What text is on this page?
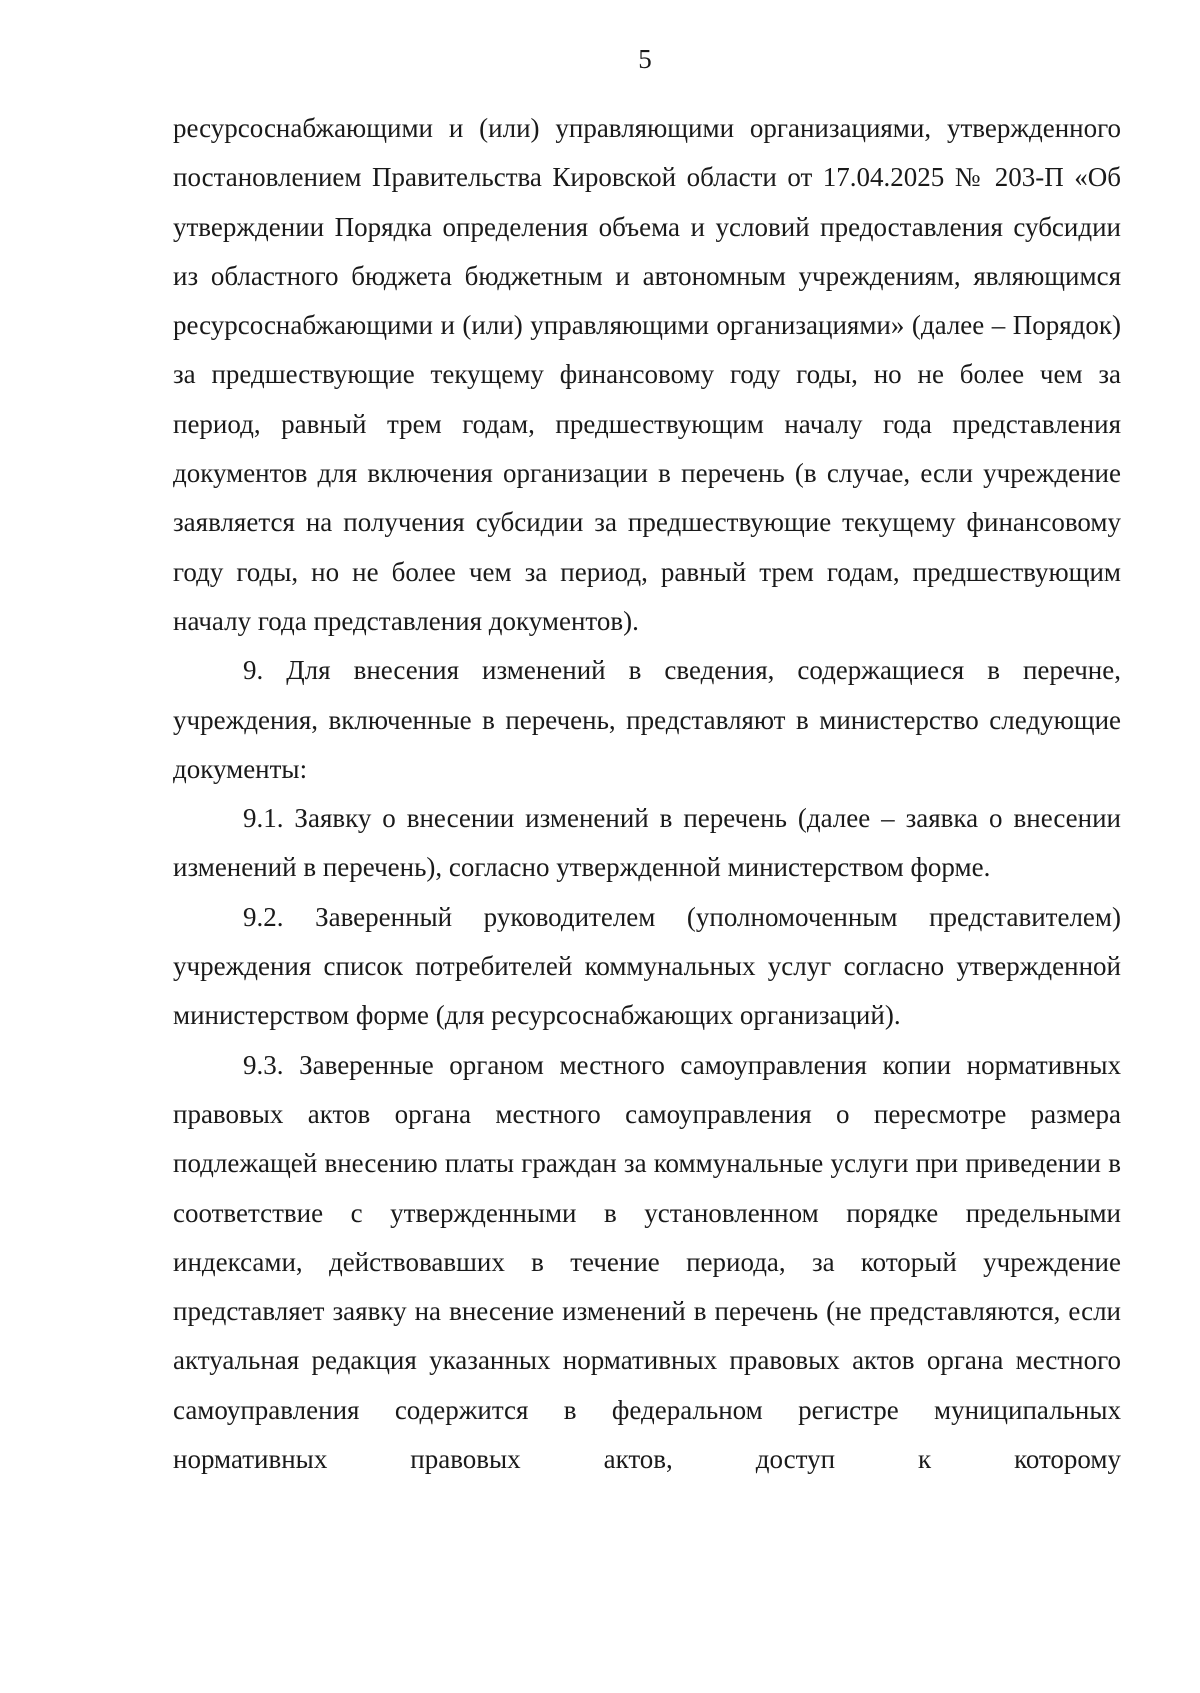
5

ресурсоснабжающими и (или) управляющими организациями, утвержденного постановлением Правительства Кировской области от 17.04.2025 № 203-П «Об утверждении Порядка определения объема и условий предоставления субсидии из областного бюджета бюджетным и автономным учреждениям, являющимся ресурсоснабжающими и (или) управляющими организациями» (далее – Порядок) за предшествующие текущему финансовому году годы, но не более чем за период, равный трем годам, предшествующим началу года представления документов для включения организации в перечень (в случае, если учреждение заявляется на получения субсидии за предшествующие текущему финансовому году годы, но не более чем за период, равный трем годам, предшествующим началу года представления документов).

9. Для внесения изменений в сведения, содержащиеся в перечне, учреждения, включенные в перечень, представляют в министерство следующие документы:

9.1. Заявку о внесении изменений в перечень (далее – заявка о внесении изменений в перечень), согласно утвержденной министерством форме.

9.2. Заверенный руководителем (уполномоченным представителем) учреждения список потребителей коммунальных услуг согласно утвержденной министерством форме (для ресурсоснабжающих организаций).

9.3. Заверенные органом местного самоуправления копии нормативных правовых актов органа местного самоуправления о пересмотре размера подлежащей внесению платы граждан за коммунальные услуги при приведении в соответствие с утвержденными в установленном порядке предельными индексами, действовавших в течение периода, за который учреждение представляет заявку на внесение изменений в перечень (не представляются, если актуальная редакция указанных нормативных правовых актов органа местного самоуправления содержится в федеральном регистре муниципальных нормативных правовых актов, доступ к которому
